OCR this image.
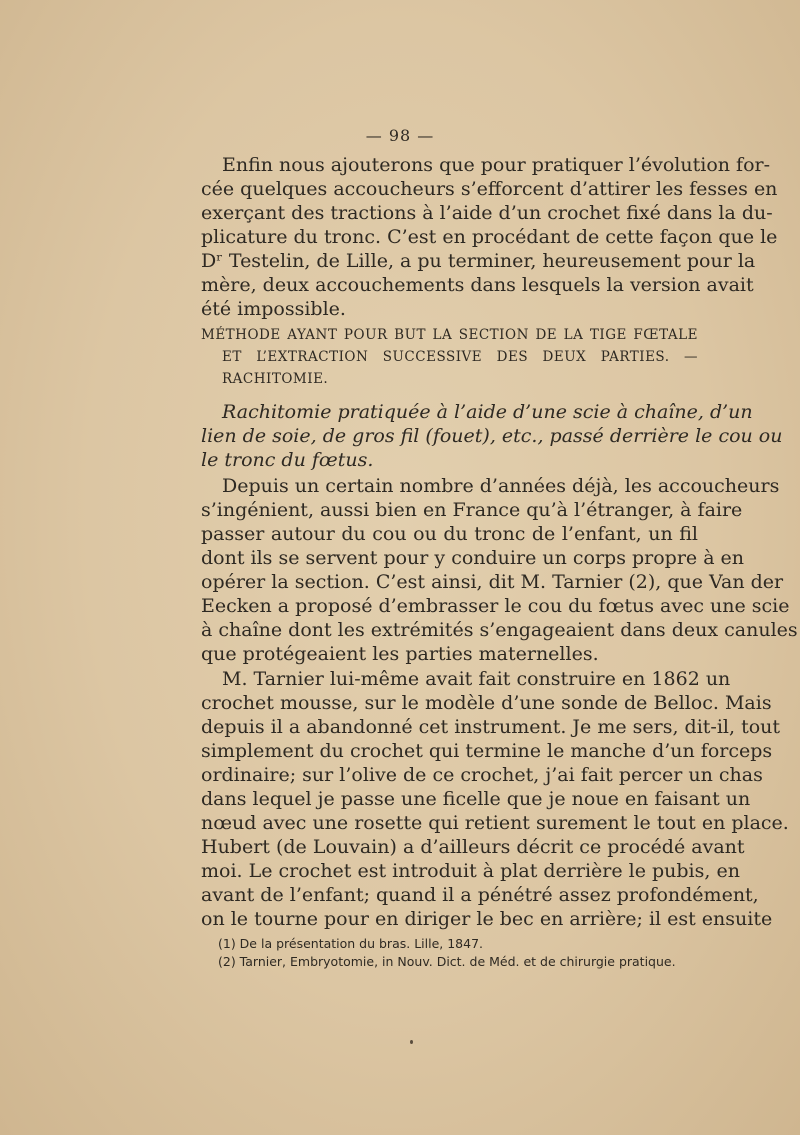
— 98 —
Enfin nous ajouterons que pour pratiquer l’évolution for-
cée quelques accoucheurs s’efforcent d’attirer les fesses en
exerçant des tractions à l’aide d’un crochet fixé dans la du-
plicature du tronc. C’est en procédant de cette façon que le
Dʳ Testelin, de Lille, a pu terminer, heureusement pour la
mère, deux accouchements dans lesquels la version avait
été impossible.
MÉTHODE AYANT POUR BUT LA SECTION DE LA TIGE FŒTALE
ET L’EXTRACTION SUCCESSIVE DES DEUX PARTIES. —
RACHITOMIE.
Rachitomie pratiquée à l’aide d’une scie à chaîne, d’un
lien de soie, de gros fil (fouet), etc., passé derrière le cou ou
le tronc du fœtus.
Depuis un certain nombre d’années déjà, les accoucheurs
s’ingénient, aussi bien en France qu’à l’étranger, à faire
passer autour du cou ou du tronc de l’enfant, un fil
dont ils se servent pour y conduire un corps propre à en
opérer la section. C’est ainsi, dit M. Tarnier (2), que Van der
Eecken a proposé d’embrasser le cou du fœtus avec une scie
à chaîne dont les extrémités s’engageaient dans deux canules
que protégeaient les parties maternelles.
M. Tarnier lui-même avait fait construire en 1862 un
crochet mousse, sur le modèle d’une sonde de Belloc. Mais
depuis il a abandonné cet instrument. Je me sers, dit-il, tout
simplement du crochet qui termine le manche d’un forceps
ordinaire; sur l’olive de ce crochet, j’ai fait percer un chas
dans lequel je passe une ficelle que je noue en faisant un
nœud avec une rosette qui retient surement le tout en place.
Hubert (de Louvain) a d’ailleurs décrit ce procédé avant
moi. Le crochet est introduit à plat derrière le pubis, en
avant de l’enfant; quand il a pénétré assez profondément,
on le tourne pour en diriger le bec en arrière; il est ensuite
(1) De la présentation du bras. Lille, 1847.
(2) Tarnier, Embryotomie, in Nouv. Dict. de Méd. et de chirurgie pratique.
